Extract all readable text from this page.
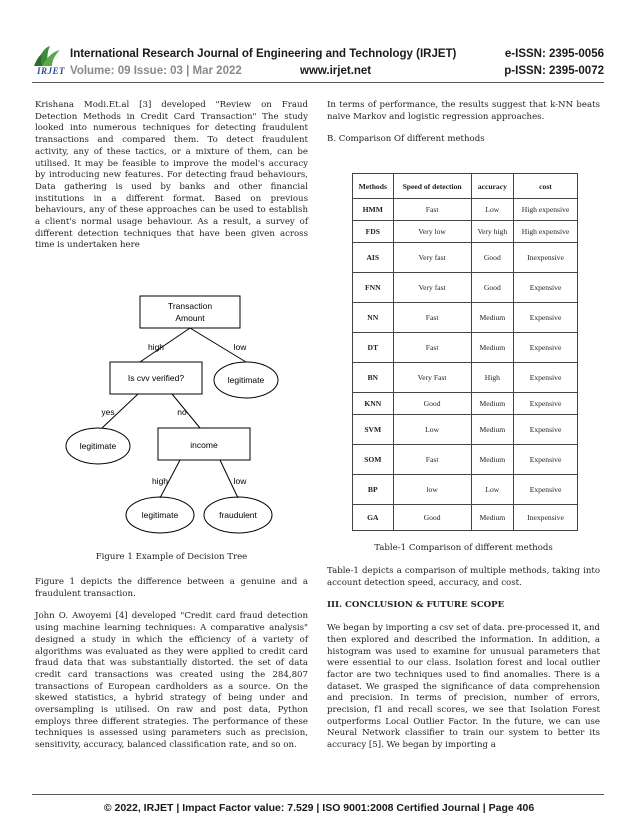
IRJET
International Research Journal of Engineering and Technology (IRJET)
Volume: 09 Issue: 03 | Mar 2022	www.irjet.net
e-ISSN: 2395-0056
p-ISSN: 2395-0072

Krishana Modi.Et.al [3] developed "Review on Fraud Detection Methods in Credit Card Transaction" The study looked into numerous techniques for detecting fraudulent transactions and compared them. To detect fraudulent activity, any of these tactics, or a mixture of them, can be utilised. It may be feasible to improve the model's accuracy by introducing new features. For detecting fraud behaviours, Data gathering is used by banks and other financial institutions in a different format. Based on previous behaviours, any of these approaches can be used to establish a client's normal usage behaviour. As a result, a survey of different detection techniques that have been given across time is undertaken here

Transaction
Amount
high	low
Is cvv verified?	legitimate
yes	no
legitimate	income
high	low
legitimate	fraudulent
Figure 1 Example of Decision Tree

Figure 1 depicts the difference between a genuine and a fraudulent transaction.

John O. Awoyemi [4] developed "Credit card fraud detection using machine learning techniques: A comparative analysis" designed a study in which the efficiency of a variety of algorithms was evaluated as they were applied to credit card fraud data that was substantially distorted. the set of data credit card transactions was created using the 284,807 transactions of European cardholders as a source. On the skewed statistics, a hybrid strategy of being under and oversampling is utilised. On raw and post data, Python employs three different strategies. The performance of these techniques is assessed using parameters such as precision, sensitivity, accuracy, balanced classification rate, and so on.

In terms of performance, the results suggest that k-NN beats naive Markov and logistic regression approaches.

B. Comparison Of different methods

Methods	Speed of detection	accuracy	cost
HMM	Fast	Low	High expensive
FDS	Very low	Very high	High expensive
AIS	Very fast	Good	Inexpensive
FNN	Very fast	Good	Expensive
NN	Fast	Medium	Expensive
DT	Fast	Medium	Expensive
BN	Very Fast	High	Expensive
KNN	Good	Medium	Expensive
SVM	Low	Medium	Expensive
SOM	Fast	Medium	Expensive
BP	low	Low	Expensive
GA	Good	Medium	Inexpensive
Table-1 Comparison of different methods

Table-1 depicts a comparison of multiple methods, taking into account detection speed, accuracy, and cost.

III. CONCLUSION & FUTURE SCOPE

We began by importing a csv set of data. pre-processed it, and then explored and described the information. In addition, a histogram was used to examine for unusual parameters that were essential to our class. Isolation forest and local outlier factor are two techniques used to find anomalies. There is a dataset. We grasped the significance of data comprehension and precision. In terms of precision, number of errors, precision, f1 and recall scores, we see that Isolation Forest outperforms Local Outlier Factor. In the future, we can use Neural Network classifier to train our system to better its accuracy [5]. We began by importing a

© 2022, IRJET | Impact Factor value: 7.529 | ISO 9001:2008 Certified Journal | Page 406
